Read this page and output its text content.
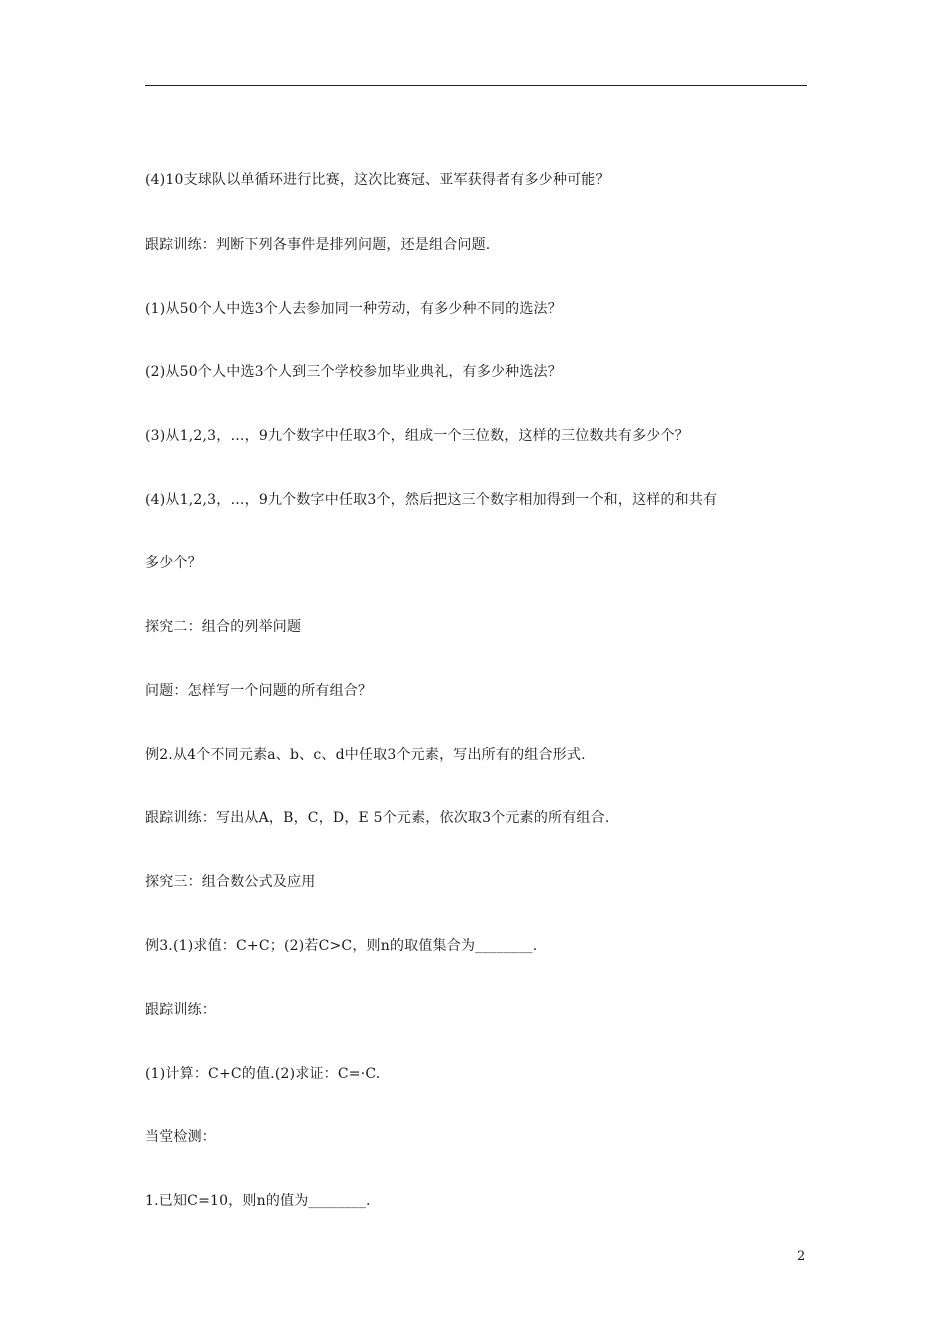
(4)10支球队以单循环进行比赛，这次比赛冠、亚军获得者有多少种可能？
跟踪训练：判断下列各事件是排列问题，还是组合问题.
(1)从50个人中选3个人去参加同一种劳动，有多少种不同的选法？
(2)从50个人中选3个人到三个学校参加毕业典礼，有多少种选法？
(3)从1,2,3，…，9九个数字中任取3个，组成一个三位数，这样的三位数共有多少个？
(4)从1,2,3，…，9九个数字中任取3个，然后把这三个数字相加得到一个和，这样的和共有
多少个？
探究二：组合的列举问题
问题：怎样写一个问题的所有组合？
例2.从4个不同元素a、b、c、d中任取3个元素，写出所有的组合形式.
跟踪训练：写出从A，B，C，D，E 5个元素，依次取3个元素的所有组合.
探究三：组合数公式及应用
例3.(1)求值：C+C；(2)若C>C，则n的取值集合为________.
跟踪训练：
(1)计算：C+C的值.(2)求证：C=·C.
当堂检测：
1.已知C=10，则n的值为________.
2
